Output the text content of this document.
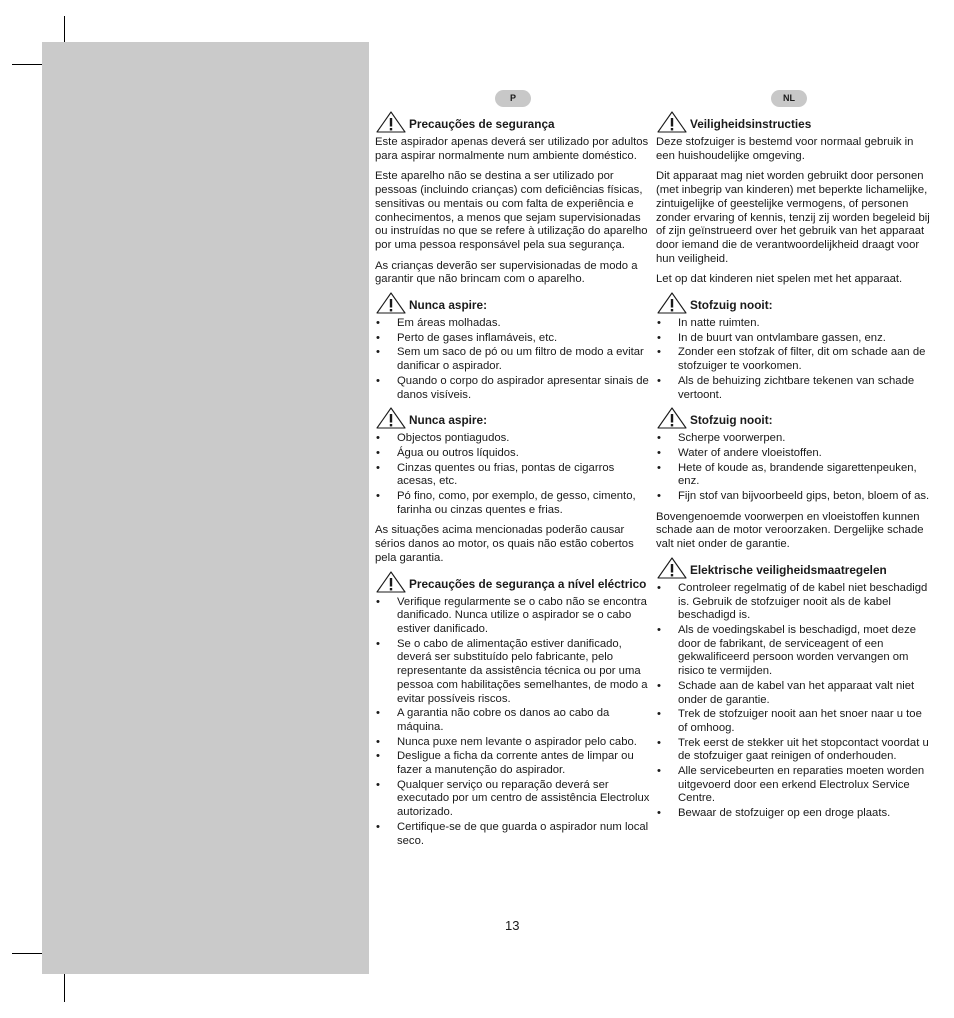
P
Precauções de segurança

Este aspirador apenas deverá ser utilizado por adultos para aspirar normalmente num ambiente doméstico.

Este aparelho não se destina a ser utilizado por pessoas (incluindo crianças) com deficiências físicas, sensitivas ou mentais ou com falta de experiência e conhecimentos, a menos que sejam supervisionadas ou instruídas no que se refere à utilização do aparelho por uma pessoa responsável pela sua segurança.

As crianças deverão ser supervisionadas de modo a garantir que não brincam com o aparelho.

Nunca aspire:
• Em áreas molhadas.
• Perto de gases inflamáveis, etc.
• Sem um saco de pó ou um filtro de modo a evitar danificar o aspirador.
• Quando o corpo do aspirador apresentar sinais de danos visíveis.
Nunca aspire:
• Objectos pontiagudos.
• Água ou outros líquidos.
• Cinzas quentes ou frias, pontas de cigarros acesas, etc.
• Pó fino, como, por exemplo, de gesso, cimento, farinha ou cinzas quentes e frias.

As situações acima mencionadas poderão causar sérios danos ao motor, os quais não estão cobertos pela garantia.

Precauções de segurança a nível eléctrico
• Verifique regularmente se o cabo não se encontra danificado. Nunca utilize o aspirador se o cabo estiver danificado.
• Se o cabo de alimentação estiver danificado, deverá ser substituído pelo fabricante, pelo representante da assistência técnica ou por uma pessoa com habilitações semelhantes, de modo a evitar possíveis riscos.
• A garantia não cobre os danos ao cabo da máquina.
• Nunca puxe nem levante o aspirador pelo cabo.
• Desligue a ficha da corrente antes de limpar ou fazer a manutenção do aspirador.
• Qualquer serviço ou reparação deverá ser executado por um centro de assistência Electrolux autorizado.
• Certifique-se de que guarda o aspirador num local seco.
NL
Veiligheidsinstructies

Deze stofzuiger is bestemd voor normaal gebruik in een huishoudelijke omgeving.

Dit apparaat mag niet worden gebruikt door personen (met inbegrip van kinderen) met beperkte lichamelijke, zintuigelijke of geestelijke vermogens, of personen zonder ervaring of kennis, tenzij zij worden begeleid bij of zijn geïnstrueerd over het gebruik van het apparaat door iemand die de verantwoordelijkheid draagt voor hun veiligheid.

Let op dat kinderen niet spelen met het apparaat.

Stofzuig nooit:
• In natte ruimten.
• In de buurt van ontvlambare gassen, enz.
• Zonder een stofzak of filter, dit om schade aan de stofzuiger te voorkomen.
• Als de behuizing zichtbare tekenen van schade vertoont.
Stofzuig nooit:
• Scherpe voorwerpen.
• Water of andere vloeistoffen.
• Hete of koude as, brandende sigarettenpeuken, enz.
• Fijn stof van bijvoorbeeld gips, beton, bloem of as.

Bovengenoemde voorwerpen en vloeistoffen kunnen schade aan de motor veroorzaken. Dergelijke schade valt niet onder de garantie.

Elektrische veiligheidsmaatregelen
• Controleer regelmatig of de kabel niet beschadigd is. Gebruik de stofzuiger nooit als de kabel beschadigd is.
• Als de voedingskabel is beschadigd, moet deze door de fabrikant, de serviceagent of een gekwalificeerd persoon worden vervangen om risico te vermijden.
• Schade aan de kabel van het apparaat valt niet onder de garantie.
• Trek de stofzuiger nooit aan het snoer naar u toe of omhoog.
• Trek eerst de stekker uit het stopcontact voordat u de stofzuiger gaat reinigen of onderhouden.
• Alle servicebeurten en reparaties moeten worden uitgevoerd door een erkend Electrolux Service Centre.
• Bewaar de stofzuiger op een droge plaats.
13
